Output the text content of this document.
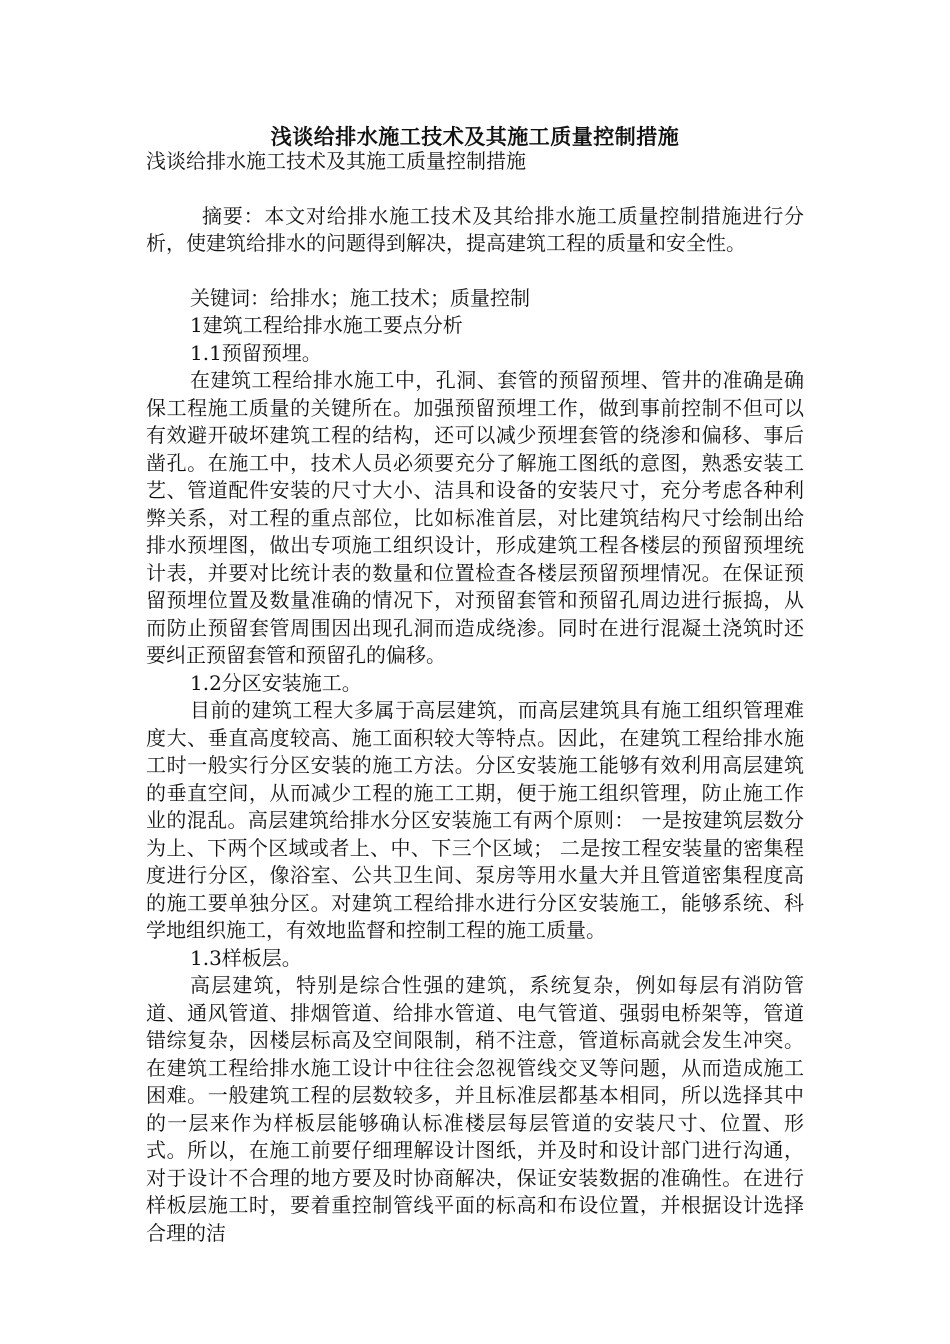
浅谈给排水施工技术及其施工质量控制措施

浅谈给排水施工技术及其施工质量控制措施

摘要：本文对给排水施工技术及其给排水施工质量控制措施进行分析，使建筑给排水的问题得到解决，提高建筑工程的质量和安全性。

关键词：给排水；施工技术；质量控制

1建筑工程给排水施工要点分析

1.1预留预埋。

在建筑工程给排水施工中，孔洞、套管的预留预埋、管井的准确是确保工程施工质量的关键所在。加强预留预埋工作，做到事前控制不但可以有效避开破坏建筑工程的结构，还可以减少预埋套管的绕渗和偏移、事后凿孔。在施工中，技术人员必须要充分了解施工图纸的意图，熟悉安装工艺、管道配件安装的尺寸大小、洁具和设备的安装尺寸，充分考虑各种利弊关系，对工程的重点部位，比如标准首层，对比建筑结构尺寸绘制出给排水预埋图，做出专项施工组织设计，形成建筑工程各楼层的预留预埋统计表，并要对比统计表的数量和位置检查各楼层预留预埋情况。在保证预留预埋位置及数量准确的情况下，对预留套管和预留孔周边进行振捣，从而防止预留套管周围因出现孔洞而造成绕渗。同时在进行混凝土浇筑时还要纠正预留套管和预留孔的偏移。

1.2分区安装施工。

目前的建筑工程大多属于高层建筑，而高层建筑具有施工组织管理难度大、垂直高度较高、施工面积较大等特点。因此，在建筑工程给排水施工时一般实行分区安装的施工方法。分区安装施工能够有效利用高层建筑的垂直空间，从而减少工程的施工工期，便于施工组织管理，防止施工作业的混乱。高层建筑给排水分区安装施工有两个原则： 一是按建筑层数分为上、下两个区域或者上、中、下三个区域； 二是按工程安装量的密集程度进行分区，像浴室、公共卫生间、泵房等用水量大并且管道密集程度高的施工要单独分区。对建筑工程给排水进行分区安装施工，能够系统、科学地组织施工，有效地监督和控制工程的施工质量。

1.3样板层。

高层建筑，特别是综合性强的建筑，系统复杂，例如每层有消防管道、通风管道、排烟管道、给排水管道、电气管道、强弱电桥架等，管道错综复杂，因楼层标高及空间限制，稍不注意，管道标高就会发生冲突。在建筑工程给排水施工设计中往往会忽视管线交叉等问题，从而造成施工困难。一般建筑工程的层数较多，并且标准层都基本相同，所以选择其中的一层来作为样板层能够确认标准楼层每层管道的安装尺寸、位置、形式。所以，在施工前要仔细理解设计图纸，并及时和设计部门进行沟通，对于设计不合理的地方要及时协商解决，保证安装数据的准确性。在进行样板层施工时，要着重控制管线平面的标高和布设位置，并根据设计选择合理的洁
